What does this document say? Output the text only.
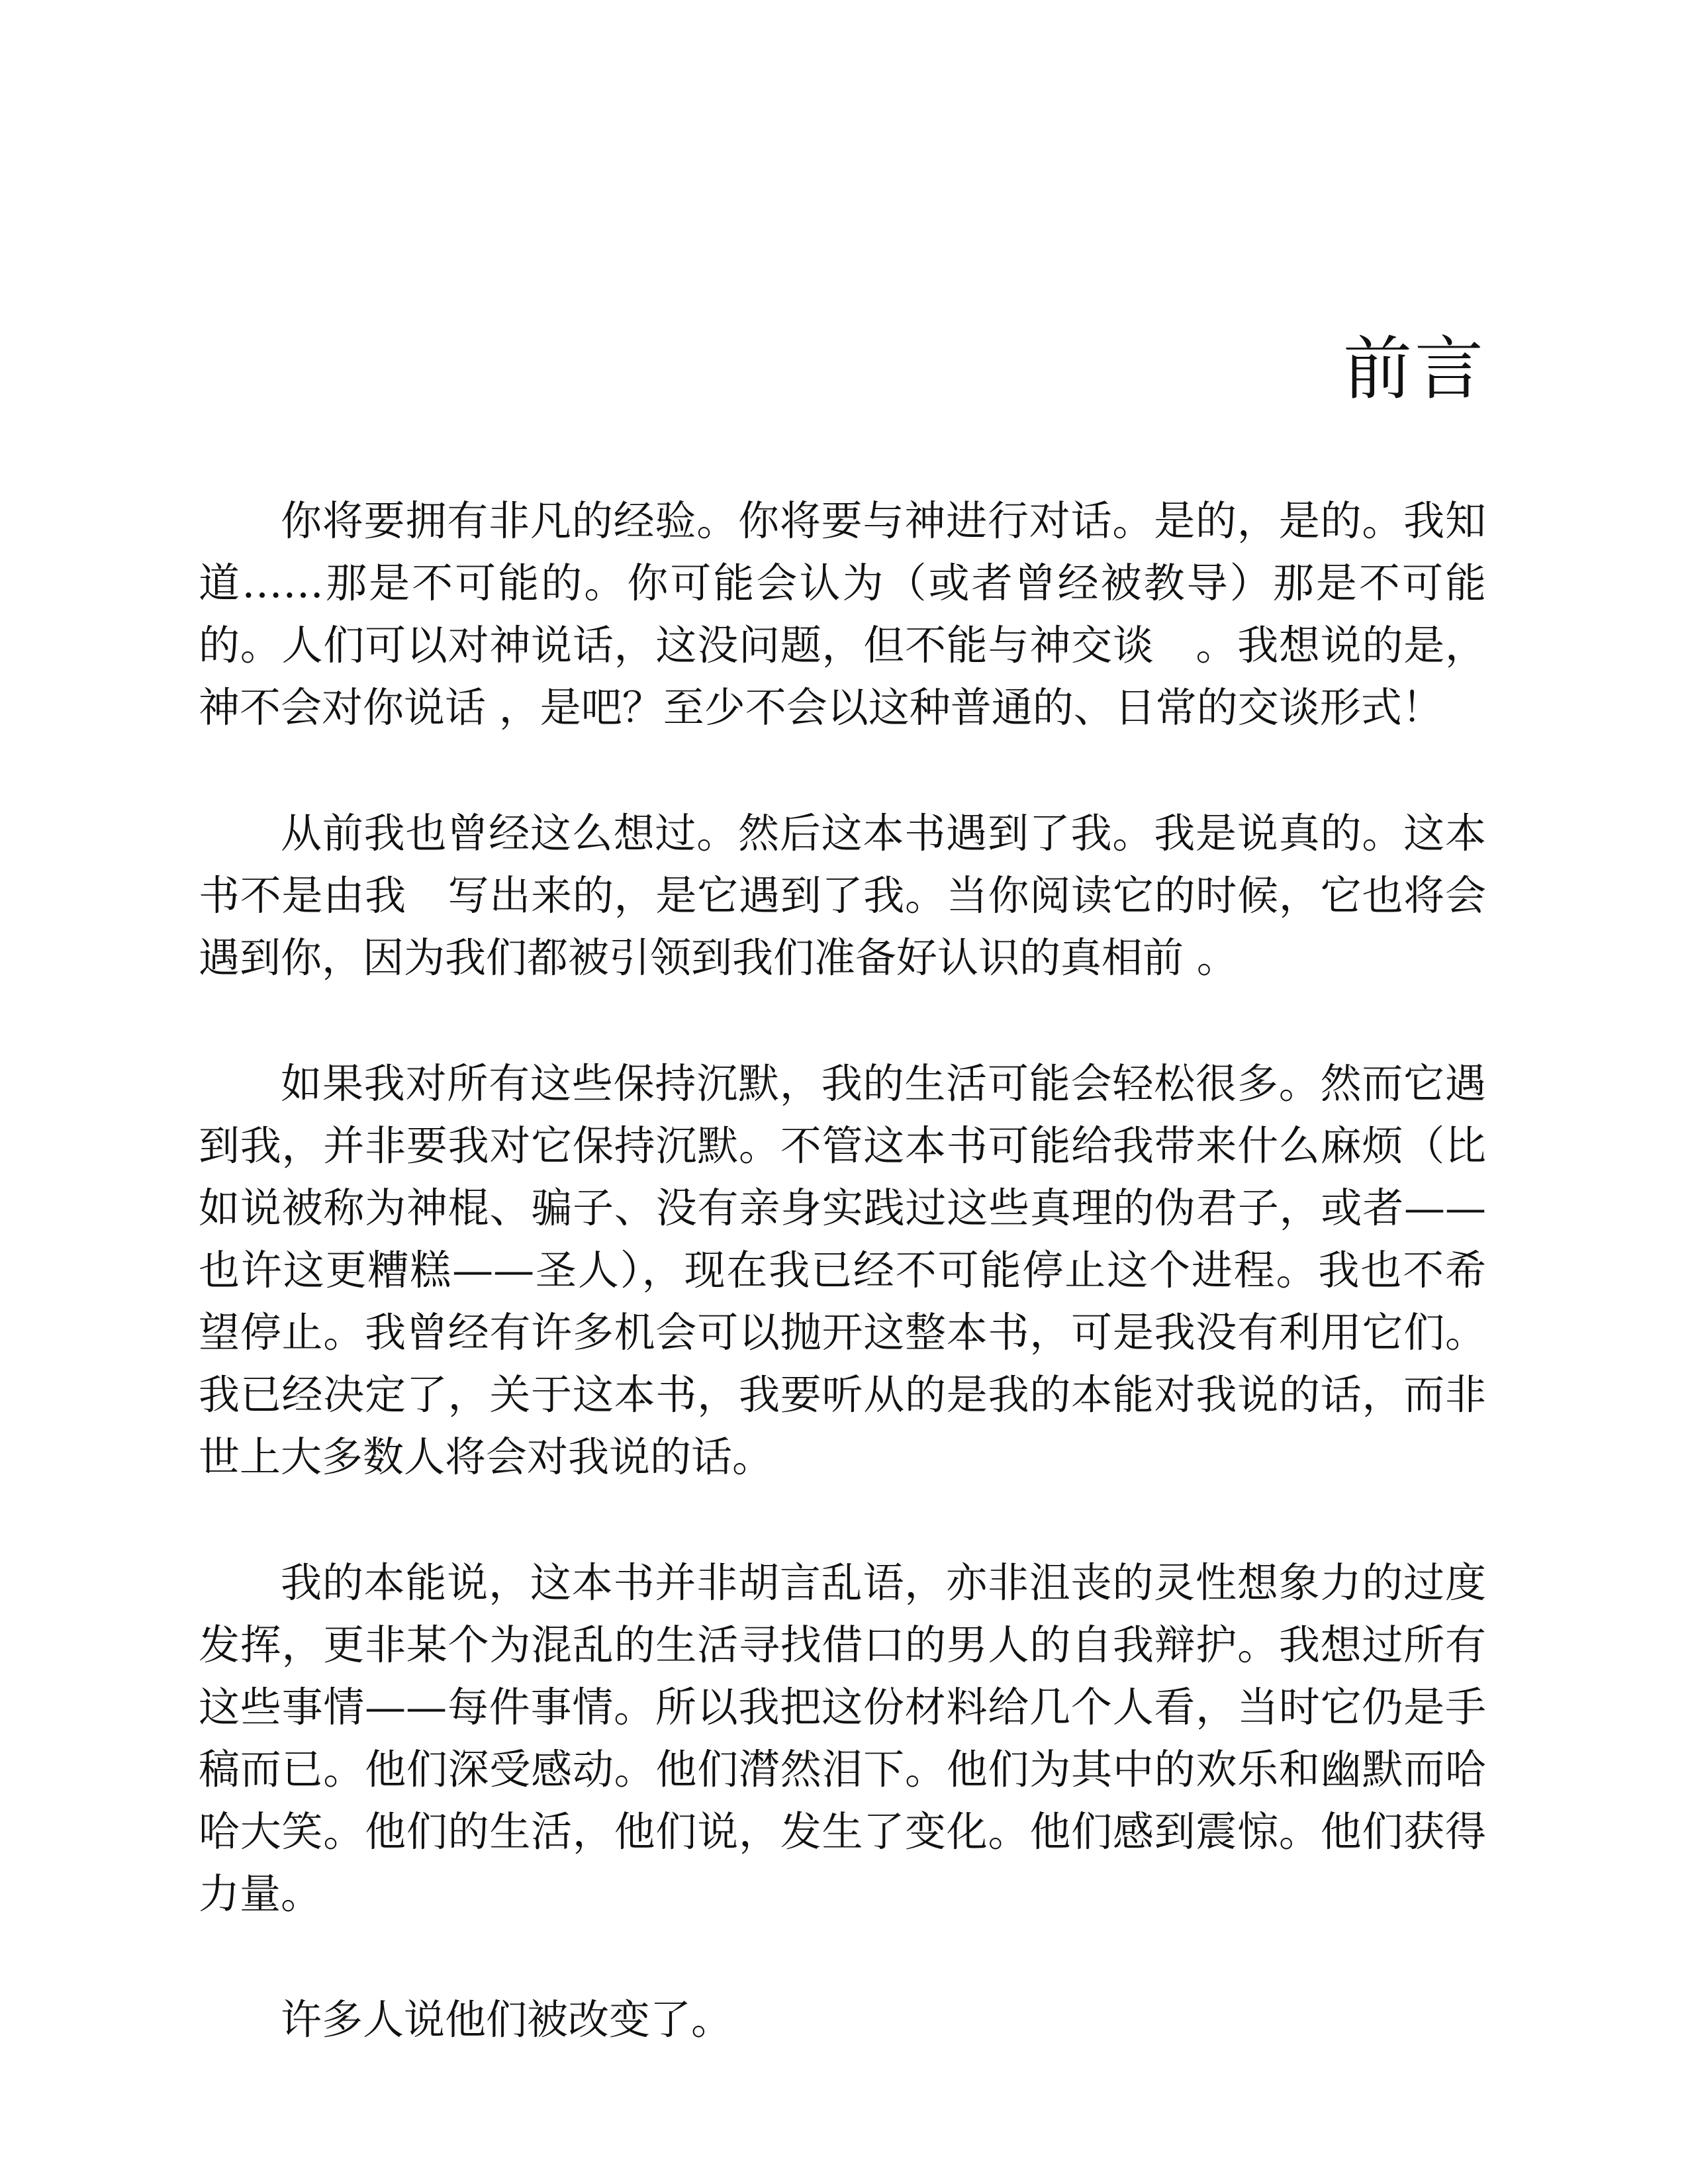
前言

你将要拥有非凡的经验。你将要与神进行对话。是的，是的。我知道……那是不可能的。你可能会认为（或者曾经被教导）那是不可能的。人们可以对神说话，这没问题，但不能与神交谈　。我想说的是，神不会对你说话 ，是吧？至少不会以这种普通的、日常的交谈形式！

从前我也曾经这么想过。然后这本书遇到了我。我是说真的。这本书不是由我　写出来的，是它遇到了我。当你阅读它的时候，它也将会遇到你，因为我们都被引领到我们准备好认识的真相前 。

如果我对所有这些保持沉默，我的生活可能会轻松很多。然而它遇到我，并非要我对它保持沉默。不管这本书可能给我带来什么麻烦（比如说被称为神棍、骗子、没有亲身实践过这些真理的伪君子，或者——也许这更糟糕——圣人），现在我已经不可能停止这个进程。我也不希望停止。我曾经有许多机会可以抛开这整本书，可是我没有利用它们。我已经决定了，关于这本书，我要听从的是我的本能对我说的话，而非世上大多数人将会对我说的话。

我的本能说，这本书并非胡言乱语，亦非沮丧的灵性想象力的过度发挥，更非某个为混乱的生活寻找借口的男人的自我辩护。我想过所有这些事情——每件事情。所以我把这份材料给几个人看，当时它仍是手稿而已。他们深受感动。他们潸然泪下。他们为其中的欢乐和幽默而哈哈大笑。他们的生活，他们说，发生了变化。他们感到震惊。他们获得力量。

许多人说他们被改变了。
